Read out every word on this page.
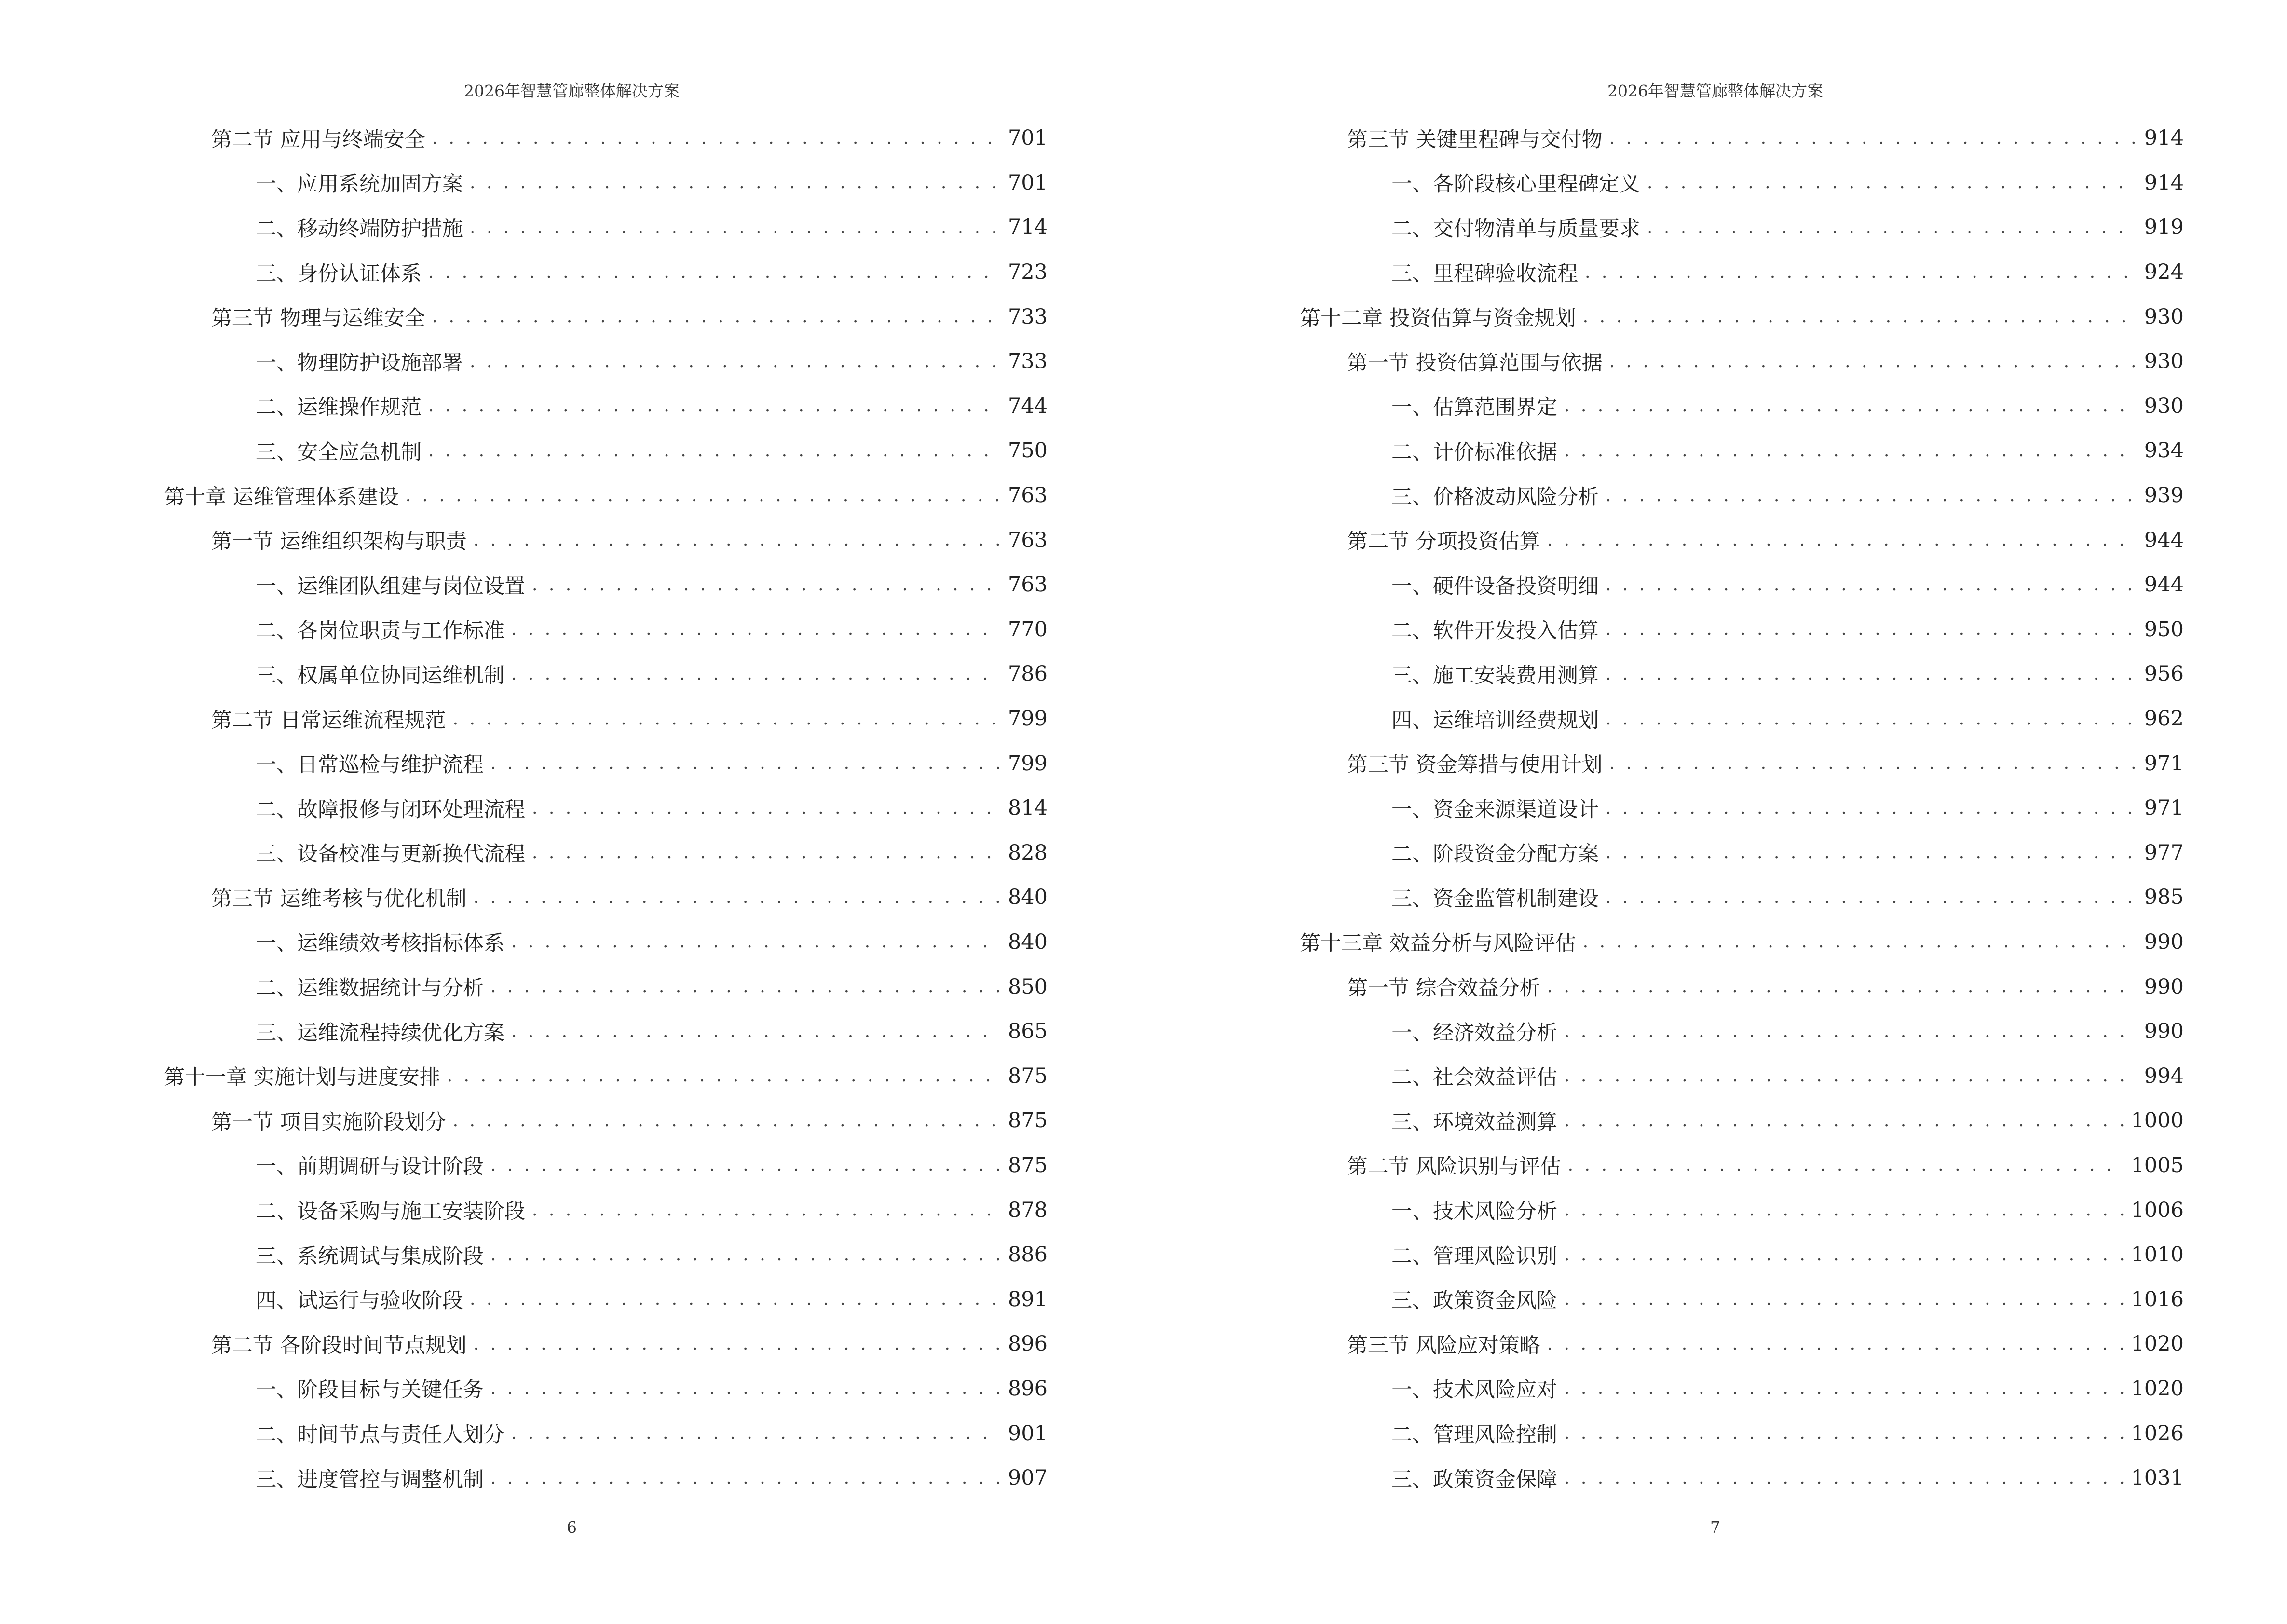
2026年智慧管廊整体解决方案
第二节 应用与终端安全 . . .	701
一、应用系统加固方案 . . .	701
二、移动终端防护措施 . . .	714
三、身份认证体系 . . .	723
第三节 物理与运维安全 . . .	733
一、物理防护设施部署 . . .	733
二、运维操作规范 . . .	744
三、安全应急机制 . . .	750
第十章 运维管理体系建设 . . .	763
第一节 运维组织架构与职责 . . .	763
一、运维团队组建与岗位设置 . . .	763
二、各岗位职责与工作标准 . . .	770
三、权属单位协同运维机制 . . .	786
第二节 日常运维流程规范 . . .	799
一、日常巡检与维护流程 . . .	799
二、故障报修与闭环处理流程 . . .	814
三、设备校准与更新换代流程 . . .	828
第三节 运维考核与优化机制 . . .	840
一、运维绩效考核指标体系 . . .	840
二、运维数据统计与分析 . . .	850
三、运维流程持续优化方案 . . .	865
第十一章 实施计划与进度安排 . . .	875
第一节 项目实施阶段划分 . . .	875
一、前期调研与设计阶段 . . .	875
二、设备采购与施工安装阶段 . . .	878
三、系统调试与集成阶段 . . .	886
四、试运行与验收阶段 . . .	891
第二节 各阶段时间节点规划 . . .	896
一、阶段目标与关键任务 . . .	896
二、时间节点与责任人划分 . . .	901
三、进度管控与调整机制 . . .	907
6
2026年智慧管廊整体解决方案
第三节 关键里程碑与交付物 . . .	914
一、各阶段核心里程碑定义 . . .	914
二、交付物清单与质量要求 . . .	919
三、里程碑验收流程 . . .	924
第十二章 投资估算与资金规划 . . .	930
第一节 投资估算范围与依据 . . .	930
一、估算范围界定 . . .	930
二、计价标准依据 . . .	934
三、价格波动风险分析 . . .	939
第二节 分项投资估算 . . .	944
一、硬件设备投资明细 . . .	944
二、软件开发投入估算 . . .	950
三、施工安装费用测算 . . .	956
四、运维培训经费规划 . . .	962
第三节 资金筹措与使用计划 . . .	971
一、资金来源渠道设计 . . .	971
二、阶段资金分配方案 . . .	977
三、资金监管机制建设 . . .	985
第十三章 效益分析与风险评估 . . .	990
第一节 综合效益分析 . . .	990
一、经济效益分析 . . .	990
二、社会效益评估 . . .	994
三、环境效益测算 . . .	1000
第二节 风险识别与评估 . . .	1005
一、技术风险分析 . . .	1006
二、管理风险识别 . . .	1010
三、政策资金风险 . . .	1016
第三节 风险应对策略 . . .	1020
一、技术风险应对 . . .	1020
二、管理风险控制 . . .	1026
三、政策资金保障 . . .	1031
7
